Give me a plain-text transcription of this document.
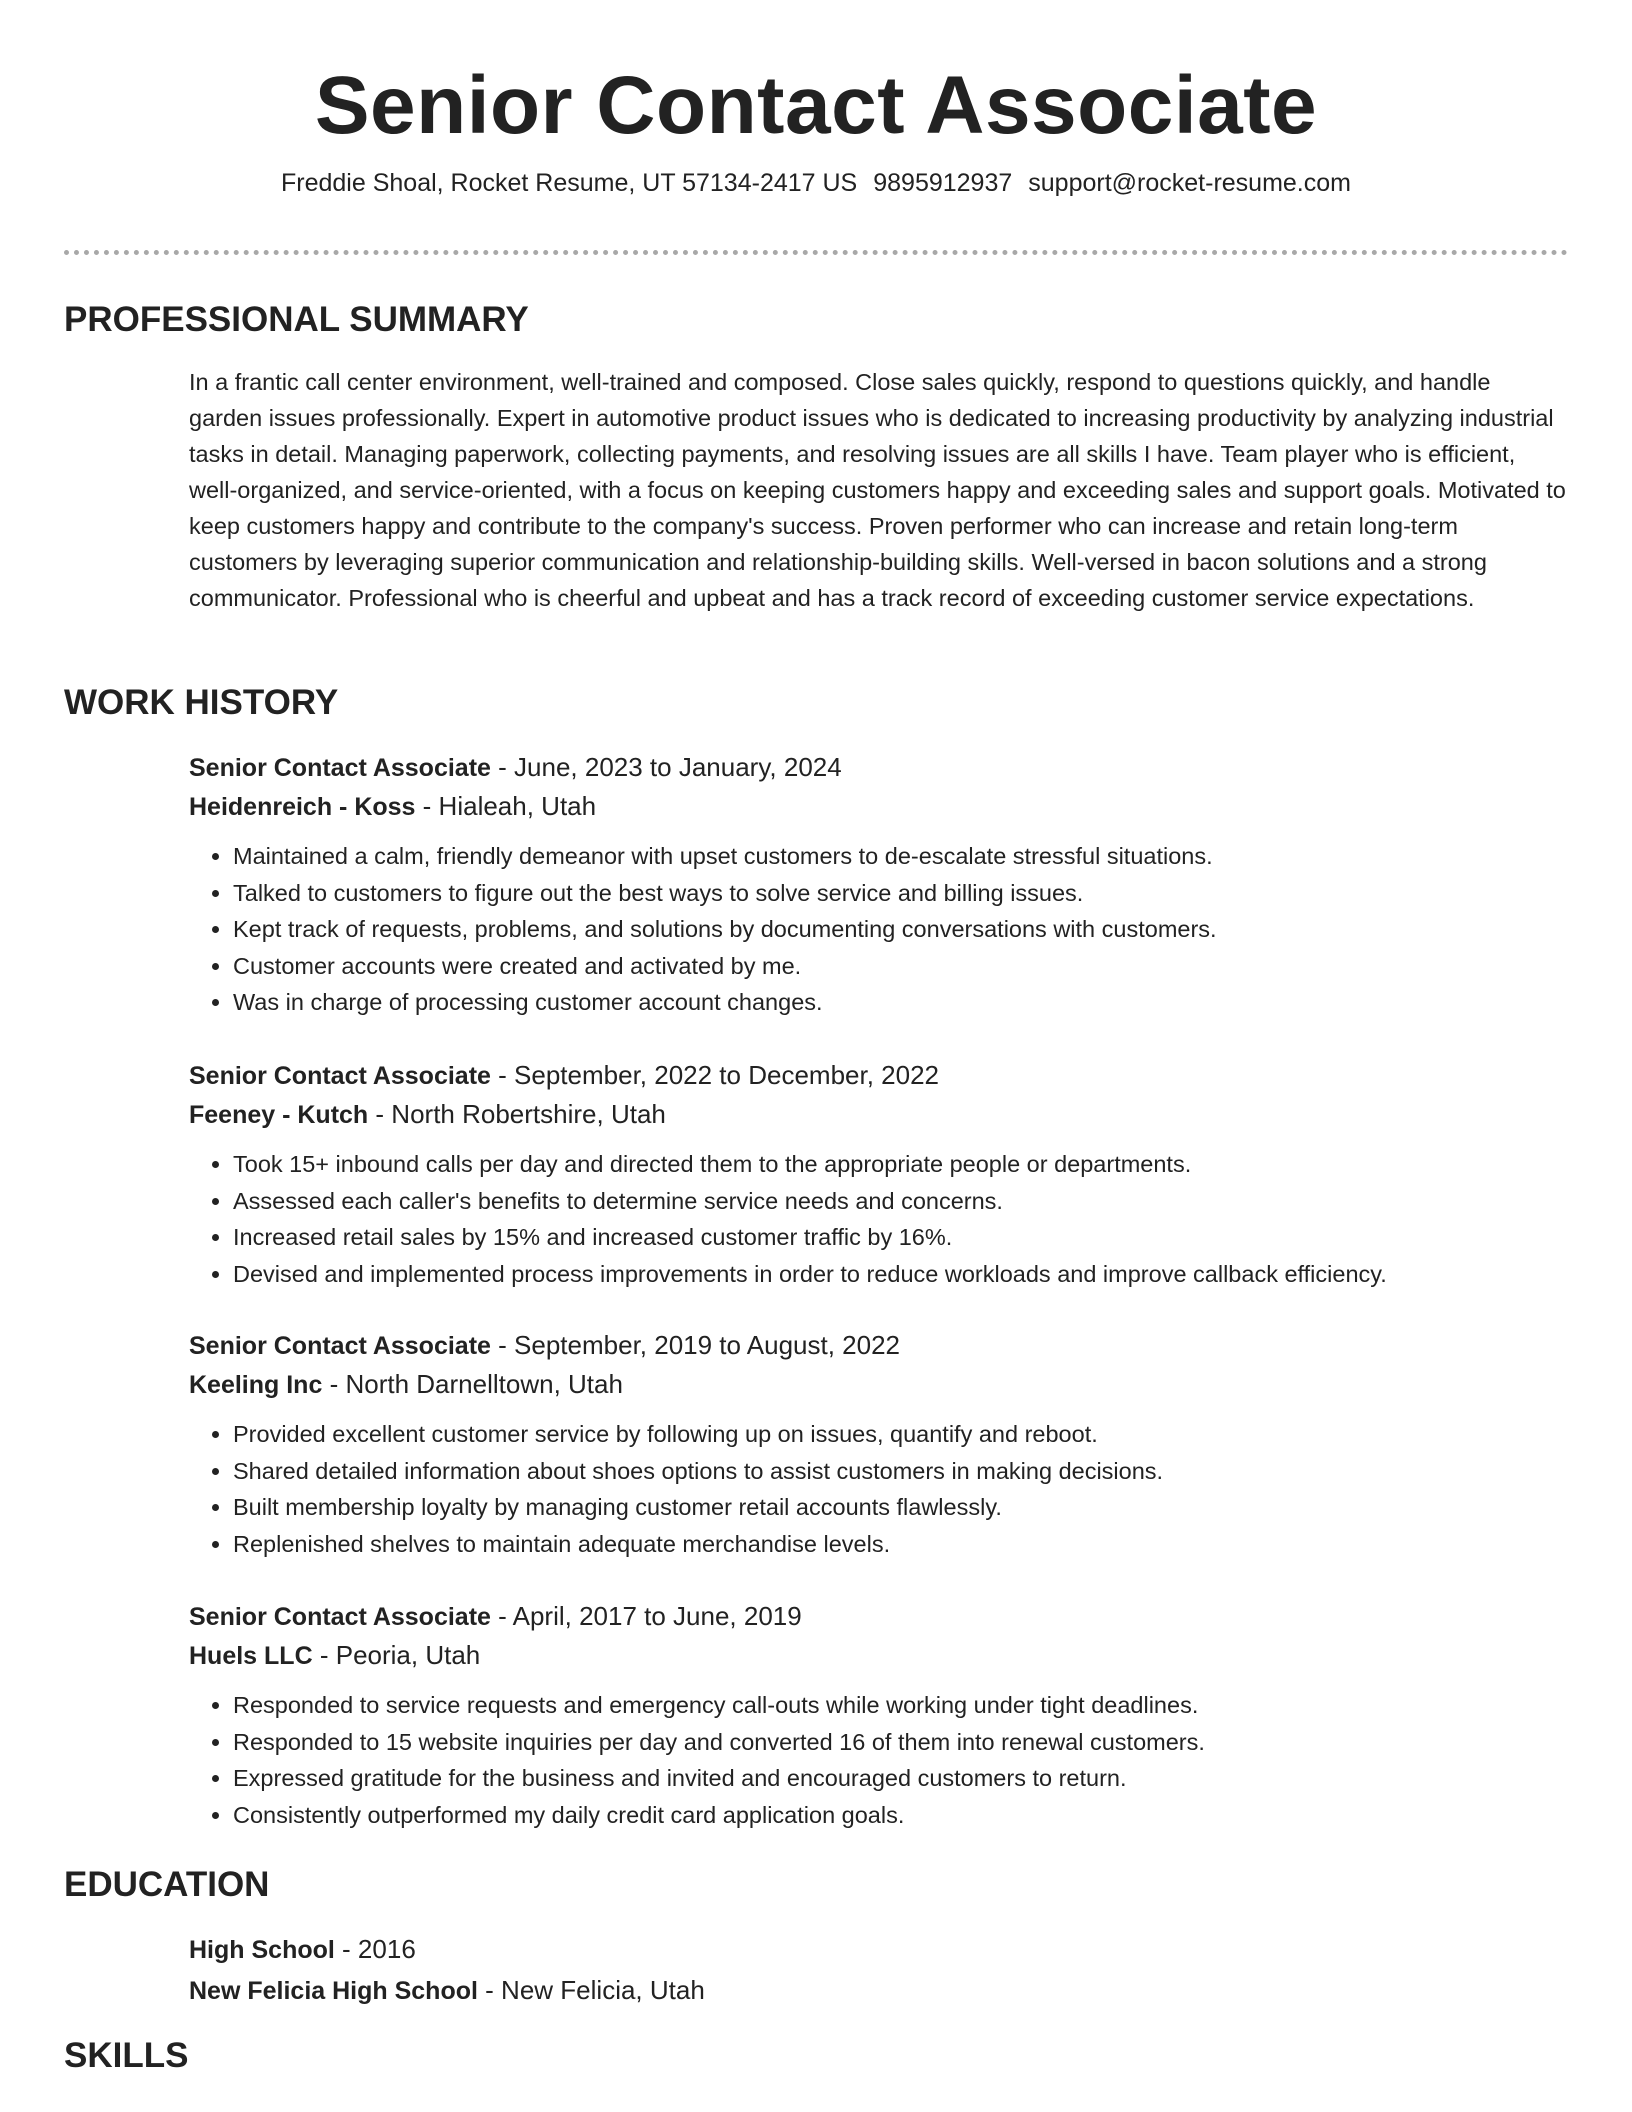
Senior Contact Associate
Freddie Shoal, Rocket Resume, UT 57134-2417 US 9895912937 support@rocket-resume.com
PROFESSIONAL SUMMARY

In a frantic call center environment, well-trained and composed. Close sales quickly, respond to questions quickly, and handle garden issues professionally. Expert in automotive product issues who is dedicated to increasing productivity by analyzing industrial tasks in detail. Managing paperwork, collecting payments, and resolving issues are all skills I have. Team player who is efficient, well-organized, and service-oriented, with a focus on keeping customers happy and exceeding sales and support goals. Motivated to keep customers happy and contribute to the company's success. Proven performer who can increase and retain long-term customers by leveraging superior communication and relationship-building skills. Well-versed in bacon solutions and a strong communicator. Professional who is cheerful and upbeat and has a track record of exceeding customer service expectations.

WORK HISTORY

Senior Contact Associate - June, 2023 to January, 2024

Heidenreich - Koss - Hialeah, Utah

• Maintained a calm, friendly demeanor with upset customers to de-escalate stressful situations.
• Talked to customers to figure out the best ways to solve service and billing issues.
• Kept track of requests, problems, and solutions by documenting conversations with customers.
• Customer accounts were created and activated by me.
• Was in charge of processing customer account changes.

Senior Contact Associate - September, 2022 to December, 2022

Feeney - Kutch - North Robertshire, Utah

• Took 15+ inbound calls per day and directed them to the appropriate people or departments.
• Assessed each caller's benefits to determine service needs and concerns.
• Increased retail sales by 15% and increased customer traffic by 16%.
• Devised and implemented process improvements in order to reduce workloads and improve callback efficiency.

Senior Contact Associate - September, 2019 to August, 2022

Keeling Inc - North Darnelltown, Utah

• Provided excellent customer service by following up on issues, quantify and reboot.
• Shared detailed information about shoes options to assist customers in making decisions.
• Built membership loyalty by managing customer retail accounts flawlessly.
• Replenished shelves to maintain adequate merchandise levels.

Senior Contact Associate - April, 2017 to June, 2019

Huels LLC - Peoria, Utah

• Responded to service requests and emergency call-outs while working under tight deadlines.
• Responded to 15 website inquiries per day and converted 16 of them into renewal customers.
• Expressed gratitude for the business and invited and encouraged customers to return.
• Consistently outperformed my daily credit card application goals.
EDUCATION

High School - 2016

New Felicia High School - New Felicia, Utah

SKILLS
